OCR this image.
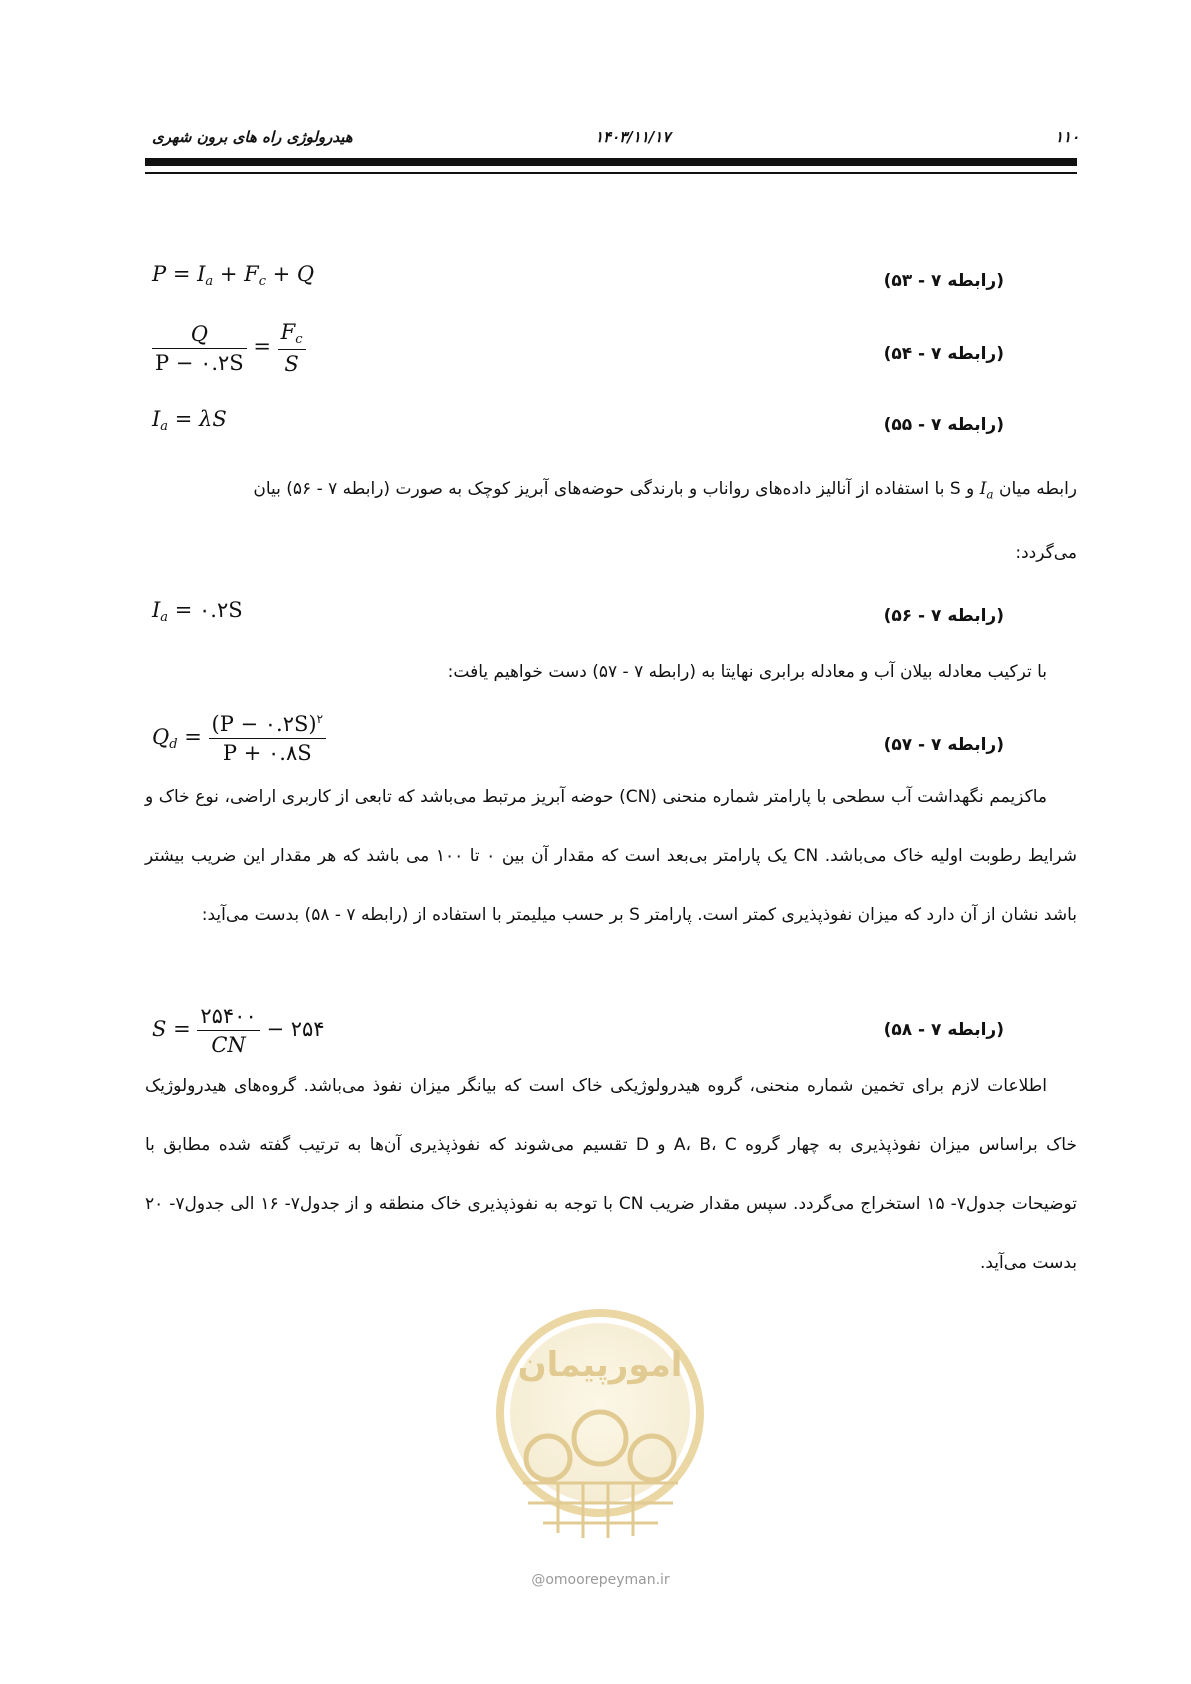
هیدرولوژی راه های برون شهری	۱۴۰۳/۱۱/۱۷	۱۱۰
$P = I_a + F_c + Q$	(رابطه ۷ - ۵۳)
$\frac{Q}{P - ۰.۲S} = \frac{F_c}{S}$	(رابطه ۷ - ۵۴)
$I_a = \lambda S$	(رابطه ۷ - ۵۵)

رابطه میان $I_a$ و S با استفاده از آنالیز داده‌های رواناب و بارندگی حوضه‌های آبریز کوچک به صورت (رابطه ۷ - ۵۶) بیان

می‌گردد:

$I_a$ = ۰.۲S	(رابطه ۷ - ۵۶)

با ترکیب معادله بیلان آب و معادله برابری نهایتا به (رابطه ۷ - ۵۷) دست خواهیم یافت:

$Q_d = \frac{(P - ۰.۲S)^۲}{P + ۰.۸S}$	(رابطه ۷ - ۵۷)

ماکزیمم نگهداشت آب سطحی با پارامتر شماره منحنی (CN) حوضه آبریز مرتبط می‌باشد که تابعی از کاربری اراضی، نوع خاک و شرایط رطوبت اولیه خاک می‌باشد. CN یک پارامتر بی‌بعد است که مقدار آن بین ۰ تا ۱۰۰ می باشد که هر مقدار این ضریب بیشتر باشد نشان از آن دارد که میزان نفوذپذیری کمتر است. پارامتر S بر حسب میلیمتر با استفاده از (رابطه ۷ - ۵۸) بدست می‌آید:

$S = \frac{۲۵۴۰۰}{CN}$ − ۲۵۴	(رابطه ۷ - ۵۸)

اطلاعات لازم برای تخمین شماره منحنی، گروه هیدرولوژیکی خاک است که بیانگر میزان نفوذ می‌باشد. گروه‌های هیدرولوژیک خاک براساس میزان نفوذپذیری به چهار گروه A، B، C و D تقسیم می‌شوند که نفوذپذیری آن‌ها به ترتیب گفته شده مطابق با توضیحات جدول۷- ۱۵ استخراج می‌گردد. سپس مقدار ضریب CN با توجه به نفوذپذیری خاک منطقه و از جدول۷- ۱۶ الی جدول۷- ۲۰ بدست می‌آید.

امورپیمان
@omoorepeyman.ir
